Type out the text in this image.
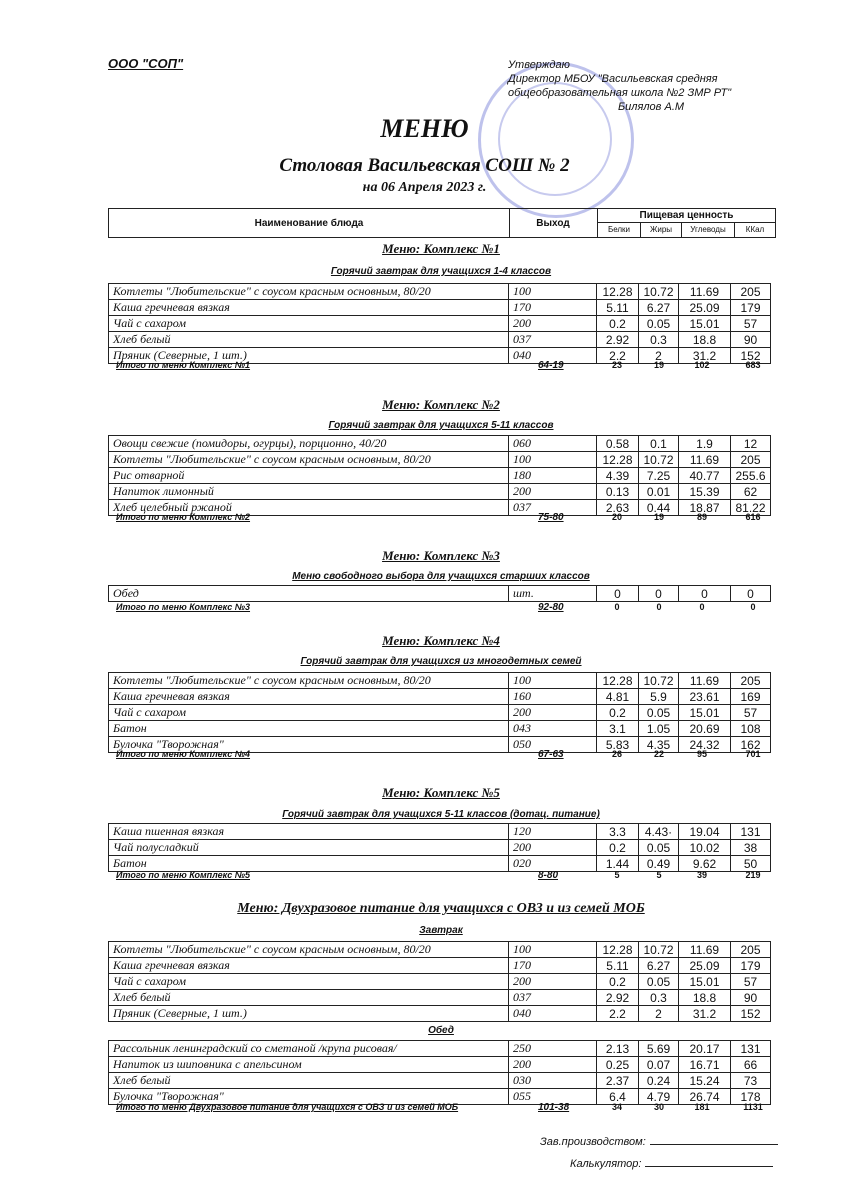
ООО "СОП"	Утверждаю
Директор МБОУ "Васильевская средняя
общеобразовательная школа №2 ЗМР РТ"
Билялов А.М
МЕНЮ
Столовая Васильевская СОШ № 2
на 06 Апреля 2023 г.
Наименование блюда	Выход
Пищевая ценность
Белки	Жиры	Углеводы	ККал
Меню: Комплекс №1
Горячий завтрак для учащихся 1-4 классов
Котлеты "Любительские" с соусом красным основным, 80/20	100	12.28	10.72	11.69	205
Каша гречневая вязкая	170	5.11	6.27	25.09	179
Чай с сахаром	200	0.2	0.05	15.01	57
Хлеб белый	037	2.92	0.3	18.8	90
Пряник (Северные, 1 шт.)	040	2.2	2	31.2	152
Итого по меню Комплекс №1	64-19	23	19	102	683
Меню: Комплекс №2
Горячий завтрак для учащихся 5-11 классов
Овощи свежие (помидоры, огурцы), порционно, 40/20	060	0.58	0.1	1.9	12
Котлеты "Любительские" с соусом красным основным, 80/20	100	12.28	10.72	11.69	205
Рис отварной	180	4.39	7.25	40.77	255.6
Напиток лимонный	200	0.13	0.01	15.39	62
Хлеб целебный ржаной	037	2.63	0.44	18.87	81.22
Итого по меню Комплекс №2	75-80	20	19	89	616
Меню: Комплекс №3
Меню свободного выбора для учащихся старших классов
Обед	шт.	0	0	0	0
Итого по меню Комплекс №3	92-80	0	0	0	0
Меню: Комплекс №4
Горячий завтрак для учащихся из многодетных семей
Котлеты "Любительские" с соусом красным основным, 80/20	100	12.28	10.72	11.69	205
Каша гречневая вязкая	160	4.81	5.9	23.61	169
Чай с сахаром	200	0.2	0.05	15.01	57
Батон	043	3.1	1.05	20.69	108
Булочка "Творожная"	050	5.83	4.35	24.32	162
Итого по меню Комплекс №4	67-63	26	22	95	701
Меню: Комплекс №5
Горячий завтрак для учащихся 5-11 классов (дотац. питание)
Каша пшенная вязкая	120	3.3	4.43·	19.04	131
Чай полусладкий	200	0.2	0.05	10.02	38
Батон	020	1.44	0.49	9.62	50
Итого по меню Комплекс №5	8-80	5	5	39	219
Меню: Двухразовое питание для учащихся с ОВЗ и из семей МОБ
Завтрак
Котлеты "Любительские" с соусом красным основным, 80/20	100	12.28	10.72	11.69	205
Каша гречневая вязкая	170	5.11	6.27	25.09	179
Чай с сахаром	200	0.2	0.05	15.01	57
Хлеб белый	037	2.92	0.3	18.8	90
Пряник (Северные, 1 шт.)	040	2.2	2	31.2	152
Обед
Рассольник ленинградский со сметаной /крупа рисовая/	250	2.13	5.69	20.17	131
Напиток из шиповника с апельсином	200	0.25	0.07	16.71	66
Хлеб белый	030	2.37	0.24	15.24	73
Булочка "Творожная"	055	6.4	4.79	26.74	178
Итого по меню Двухразовое питание для учащихся с ОВЗ и из семей МОБ	101-38	34	30	181	1131
Зав.производством:
Калькулятор:
